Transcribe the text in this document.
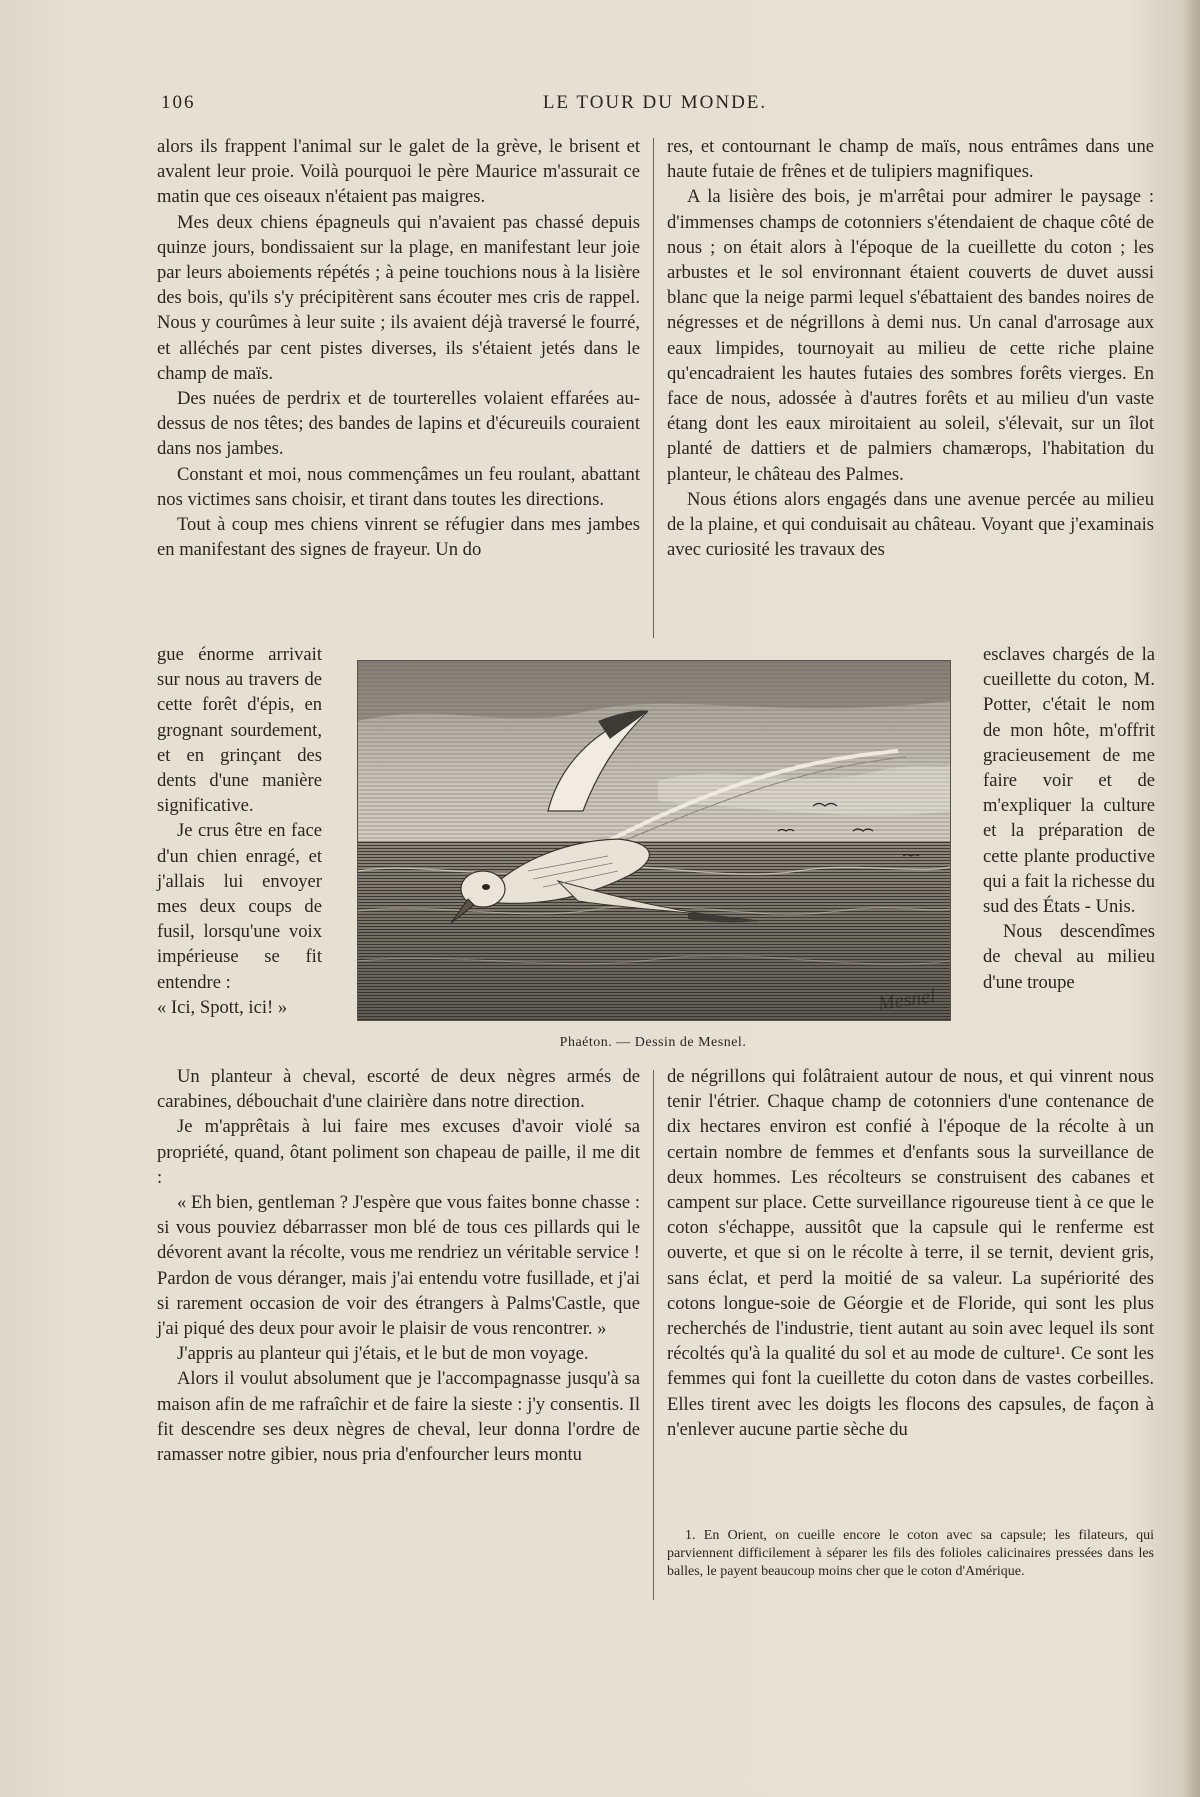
106	LE TOUR DU MONDE.

alors ils frappent l'animal sur le galet de la grève, le brisent et avalent leur proie. Voilà pourquoi le père Maurice m'assurait ce matin que ces oiseaux n'étaient pas maigres.

Mes deux chiens épagneuls qui n'avaient pas chassé depuis quinze jours, bondissaient sur la plage, en manifestant leur joie par leurs aboiements répétés ; à peine touchions nous à la lisière des bois, qu'ils s'y précipitèrent sans écouter mes cris de rappel. Nous y courûmes à leur suite ; ils avaient déjà traversé le fourré, et alléchés par cent pistes diverses, ils s'étaient jetés dans le champ de maïs.

Des nuées de perdrix et de tourterelles volaient effarées au-dessus de nos têtes; des bandes de lapins et d'écureuils couraient dans nos jambes.

Constant et moi, nous commençâmes un feu roulant, abattant nos victimes sans choisir, et tirant dans toutes les directions.

Tout à coup mes chiens vinrent se réfugier dans mes jambes en manifestant des signes de frayeur. Un do

gue énorme arrivait sur nous au travers de cette forêt d'épis, en grognant sourdement, et en grinçant des dents d'une manière significative.

Je crus être en face d'un chien enragé, et j'allais lui envoyer mes deux coups de fusil, lorsqu'une voix impérieuse se fit entendre :

« Ici, Spott, ici! »

Un planteur à cheval, escorté de deux nègres armés de carabines, débouchait d'une clairière dans notre direction.

Je m'apprêtais à lui faire mes excuses d'avoir violé sa propriété, quand, ôtant poliment son chapeau de paille, il me dit :

« Eh bien, gentleman ? J'espère que vous faites bonne chasse : si vous pouviez débarrasser mon blé de tous ces pillards qui le dévorent avant la récolte, vous me rendriez un véritable service ! Pardon de vous déranger, mais j'ai entendu votre fusillade, et j'ai si rarement occasion de voir des étrangers à Palms'Castle, que j'ai piqué des deux pour avoir le plaisir de vous rencontrer. »

J'appris au planteur qui j'étais, et le but de mon voyage.

Alors il voulut absolument que je l'accompagnasse jusqu'à sa maison afin de me rafraîchir et de faire la sieste : j'y consentis. Il fit descendre ses deux nègres de cheval, leur donna l'ordre de ramasser notre gibier, nous pria d'enfourcher leurs montu

res, et contournant le champ de maïs, nous entrâmes dans une haute futaie de frênes et de tulipiers magnifiques.

A la lisière des bois, je m'arrêtai pour admirer le paysage : d'immenses champs de cotonniers s'étendaient de chaque côté de nous ; on était alors à l'époque de la cueillette du coton ; les arbustes et le sol environnant étaient couverts de duvet aussi blanc que la neige parmi lequel s'ébattaient des bandes noires de négresses et de négrillons à demi nus. Un canal d'arrosage aux eaux limpides, tournoyait au milieu de cette riche plaine qu'encadraient les hautes futaies des sombres forêts vierges. En face de nous, adossée à d'autres forêts et au milieu d'un vaste étang dont les eaux miroitaient au soleil, s'élevait, sur un îlot planté de dattiers et de palmiers chamærops, l'habitation du planteur, le château des Palmes.

Nous étions alors engagés dans une avenue percée au milieu de la plaine, et qui conduisait au château. Voyant que j'examinais avec curiosité les travaux des

esclaves chargés de la cueillette du coton, M. Potter, c'était le nom de mon hôte, m'offrit gracieusement de me faire voir et de m'expliquer la culture et la préparation de cette plante productive qui a fait la richesse du sud des États - Unis.

Nous descendîmes de cheval au milieu d'une troupe

de négrillons qui folâtraient autour de nous, et qui vinrent nous tenir l'étrier. Chaque champ de cotonniers d'une contenance de dix hectares environ est confié à l'époque de la récolte à un certain nombre de femmes et d'enfants sous la surveillance de deux hommes. Les récolteurs se construisent des cabanes et campent sur place. Cette surveillance rigoureuse tient à ce que le coton s'échappe, aussitôt que la capsule qui le renferme est ouverte, et que si on le récolte à terre, il se ternit, devient gris, sans éclat, et perd la moitié de sa valeur. La supériorité des cotons longue-soie de Géorgie et de Floride, qui sont les plus recherchés de l'industrie, tient autant au soin avec lequel ils sont récoltés qu'à la qualité du sol et au mode de culture¹. Ce sont les femmes qui font la cueillette du coton dans de vastes corbeilles. Elles tirent avec les doigts les flocons des capsules, de façon à n'enlever aucune partie sèche du

Mesnel
Phaéton. — Dessin de Mesnel.

1. En Orient, on cueille encore le coton avec sa capsule; les filateurs, qui parviennent difficilement à séparer les fils des folioles calicinaires pressées dans les balles, le payent beaucoup moins cher que le coton d'Amérique.
